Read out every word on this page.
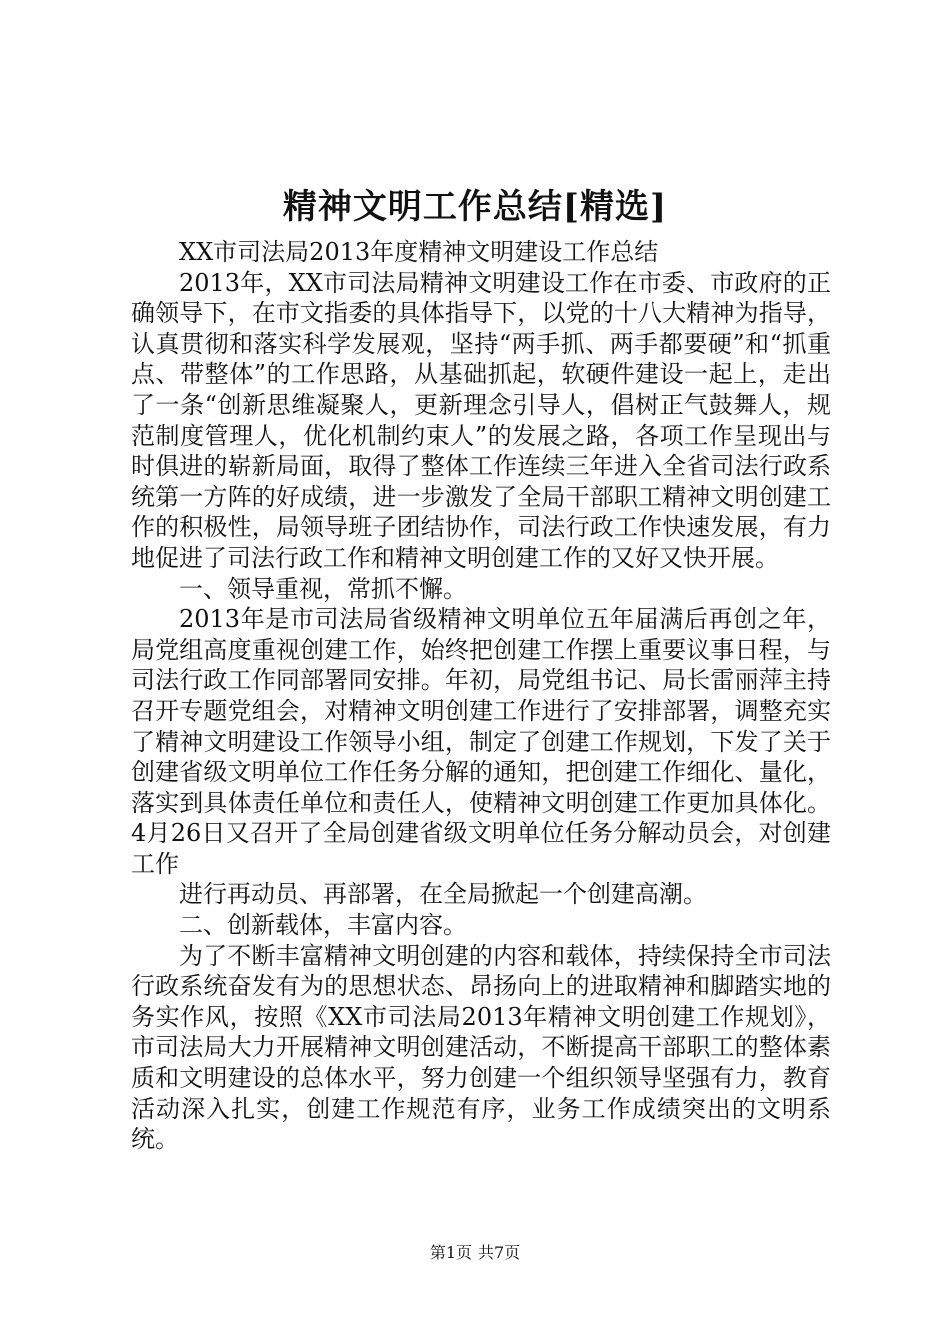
精神文明工作总结[精选]

XX市司法局2013年度精神文明建设工作总结

2013年，XX市司法局精神文明建设工作在市委、市政府的正确领导下，在市文指委的具体指导下，以党的十八大精神为指导，认真贯彻和落实科学发展观，坚持“两手抓、两手都要硬”和“抓重点、带整体”的工作思路，从基础抓起，软硬件建设一起上，走出了一条“创新思维凝聚人，更新理念引导人，倡树正气鼓舞人，规范制度管理人，优化机制约束人”的发展之路，各项工作呈现出与时俱进的崭新局面，取得了整体工作连续三年进入全省司法行政系统第一方阵的好成绩，进一步激发了全局干部职工精神文明创建工作的积极性，局领导班子团结协作，司法行政工作快速发展，有力地促进了司法行政工作和精神文明创建工作的又好又快开展。

一、领导重视，常抓不懈。

2013年是市司法局省级精神文明单位五年届满后再创之年，局党组高度重视创建工作，始终把创建工作摆上重要议事日程，与司法行政工作同部署同安排。年初，局党组书记、局长雷丽萍主持召开专题党组会，对精神文明创建工作进行了安排部署，调整充实了精神文明建设工作领导小组，制定了创建工作规划，下发了关于创建省级文明单位工作任务分解的通知，把创建工作细化、量化，落实到具体责任单位和责任人，使精神文明创建工作更加具体化。4月26日又召开了全局创建省级文明单位任务分解动员会，对创建工作

进行再动员、再部署，在全局掀起一个创建高潮。

二、创新载体，丰富内容。

为了不断丰富精神文明创建的内容和载体，持续保持全市司法行政系统奋发有为的思想状态、昂扬向上的进取精神和脚踏实地的务实作风，按照《XX市司法局2013年精神文明创建工作规划》，市司法局大力开展精神文明创建活动，不断提高干部职工的整体素质和文明建设的总体水平，努力创建一个组织领导坚强有力，教育活动深入扎实，创建工作规范有序，业务工作成绩突出的文明系统。

第1页 共7页
